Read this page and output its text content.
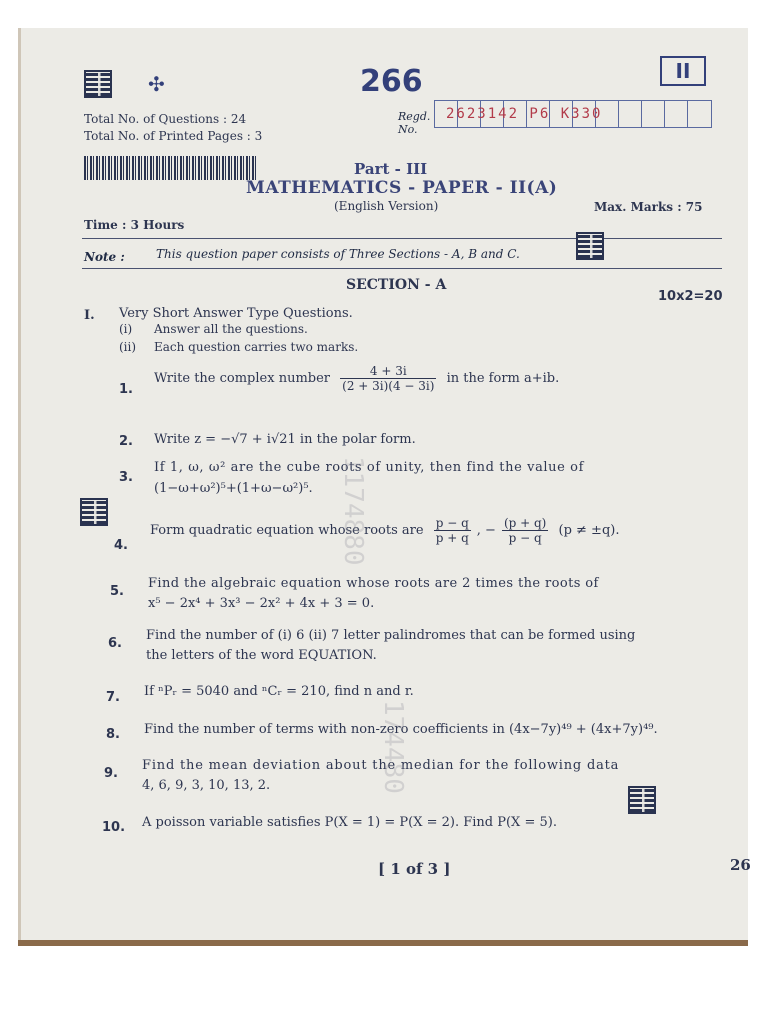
✣	266	II
Total No. of Questions : 24
Total No. of Printed Pages : 3
Regd.
No.
2623142 P6 K330
Part - III
MATHEMATICS - PAPER - II(A)
(English Version)
Time : 3 Hours
Max. Marks : 75
Note :	This question paper consists of Three Sections - A, B and C.
SECTION - A
10x2=20
I. Very Short Answer Type Questions.
(i) Answer all the questions.
(ii) Each question carries two marks.
1.
Write the complex number $\frac{4 + 3i}{(2 + 3i)(4 - 3i)}$ in the form a+ib.
2. Write z = −√7 + i√21 in the polar form.
3.
If 1, ω, ω² are the cube roots of unity, then find the value of
(1−ω+ω²)⁵+(1+ω−ω²)⁵.
4.
Form quadratic equation whose roots are $\frac{p - q}{p + q}$ , − $\frac{(p + q)}{p - q} (p \ne \pm q)$.
5.
Find the algebraic equation whose roots are 2 times the roots of
x⁵ − 2x⁴ + 3x³ − 2x² + 4x + 3 = 0.
6.
Find the number of (i) 6 (ii) 7 letter palindromes that can be formed using
the letters of the word EQUATION.
7. If ⁿPᵣ = 5040 and ⁿCᵣ = 210, find n and r.
8. Find the number of terms with non-zero coefficients in (4x−7y)⁴⁹ + (4x+7y)⁴⁹.
9.
Find the mean deviation about the median for the following data
4, 6, 9, 3, 10, 13, 2.
10. A poisson variable satisfies P(X = 1) = P(X = 2). Find P(X = 5).
1174880
174480
[ 1 of 3 ]	26
